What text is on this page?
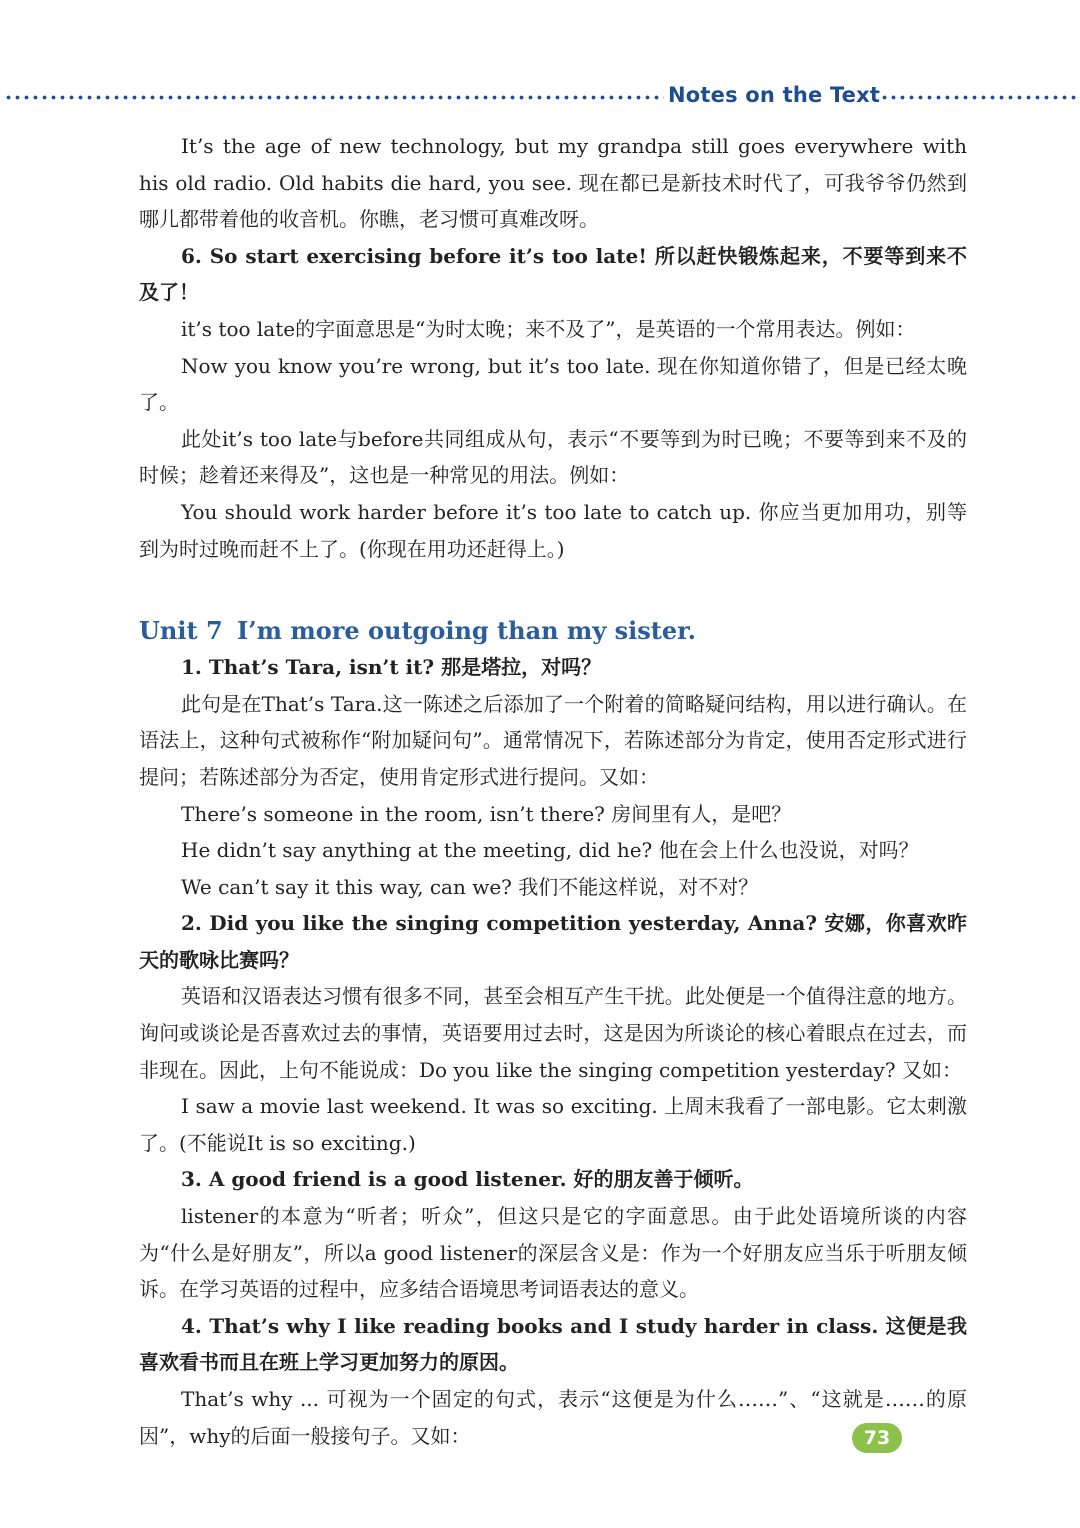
Notes on the Text

It’s the age of new technology, but my grandpa still goes everywhere with his old radio. Old habits die hard, you see. 现在都已是新技术时代了，可我爷爷仍然到哪儿都带着他的收音机。你瞧，老习惯可真难改呀。

6. So start exercising before it’s too late! 所以赶快锻炼起来，不要等到来不及了！

it’s too late的字面意思是“为时太晚；来不及了”，是英语的一个常用表达。例如：

Now you know you’re wrong, but it’s too late. 现在你知道你错了，但是已经太晚了。

此处it’s too late与before共同组成从句，表示“不要等到为时已晚；不要等到来不及的时候；趁着还来得及”，这也是一种常见的用法。例如：

You should work harder before it’s too late to catch up. 你应当更加用功，别等到为时过晚而赶不上了。(你现在用功还赶得上。)

Unit 7 I’m more outgoing than my sister.

1. That’s Tara, isn’t it? 那是塔拉，对吗？

此句是在That’s Tara.这一陈述之后添加了一个附着的简略疑问结构，用以进行确认。在语法上，这种句式被称作“附加疑问句”。通常情况下，若陈述部分为肯定，使用否定形式进行提问；若陈述部分为否定，使用肯定形式进行提问。又如：

There’s someone in the room, isn’t there? 房间里有人，是吧？

He didn’t say anything at the meeting, did he? 他在会上什么也没说，对吗？

We can’t say it this way, can we? 我们不能这样说，对不对？

2. Did you like the singing competition yesterday, Anna? 安娜，你喜欢昨天的歌咏比赛吗？

英语和汉语表达习惯有很多不同，甚至会相互产生干扰。此处便是一个值得注意的地方。询问或谈论是否喜欢过去的事情，英语要用过去时，这是因为所谈论的核心着眼点在过去，而非现在。因此，上句不能说成：Do you like the singing competition yesterday? 又如：

I saw a movie last weekend. It was so exciting. 上周末我看了一部电影。它太刺激了。(不能说It is so exciting.)

3. A good friend is a good listener. 好的朋友善于倾听。

listener的本意为“听者；听众”，但这只是它的字面意思。由于此处语境所谈的内容为“什么是好朋友”，所以a good listener的深层含义是：作为一个好朋友应当乐于听朋友倾诉。在学习英语的过程中，应多结合语境思考词语表达的意义。

4. That’s why I like reading books and I study harder in class. 这便是我喜欢看书而且在班上学习更加努力的原因。

That’s why ... 可视为一个固定的句式，表示“这便是为什么……”、“这就是……的原因”，why的后面一般接句子。又如：	73
